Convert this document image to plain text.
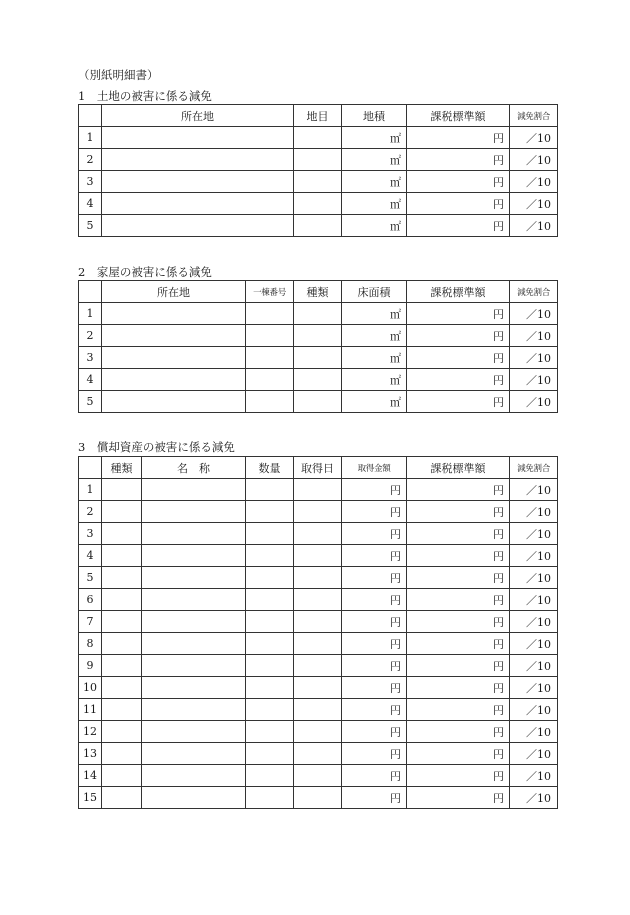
（別紙明細書）
1　土地の被害に係る減免
	所在地	地目	地積	課税標準額	減免割合
1			㎡	円	／10
2			㎡	円	／10
3			㎡	円	／10
4			㎡	円	／10
5			㎡	円	／10
2　家屋の被害に係る減免
	所在地	一棟番号	種類	床面積	課税標準額	減免割合
1				㎡	円	／10
2				㎡	円	／10
3				㎡	円	／10
4				㎡	円	／10
5				㎡	円	／10
3　償却資産の被害に係る減免
	種類	名　称	数量	取得日	取得金額	課税標準額	減免割合
1					円	円	／10
2					円	円	／10
3					円	円	／10
4					円	円	／10
5					円	円	／10
6					円	円	／10
7					円	円	／10
8					円	円	／10
9					円	円	／10
10					円	円	／10
11					円	円	／10
12					円	円	／10
13					円	円	／10
14					円	円	／10
15					円	円	／10
